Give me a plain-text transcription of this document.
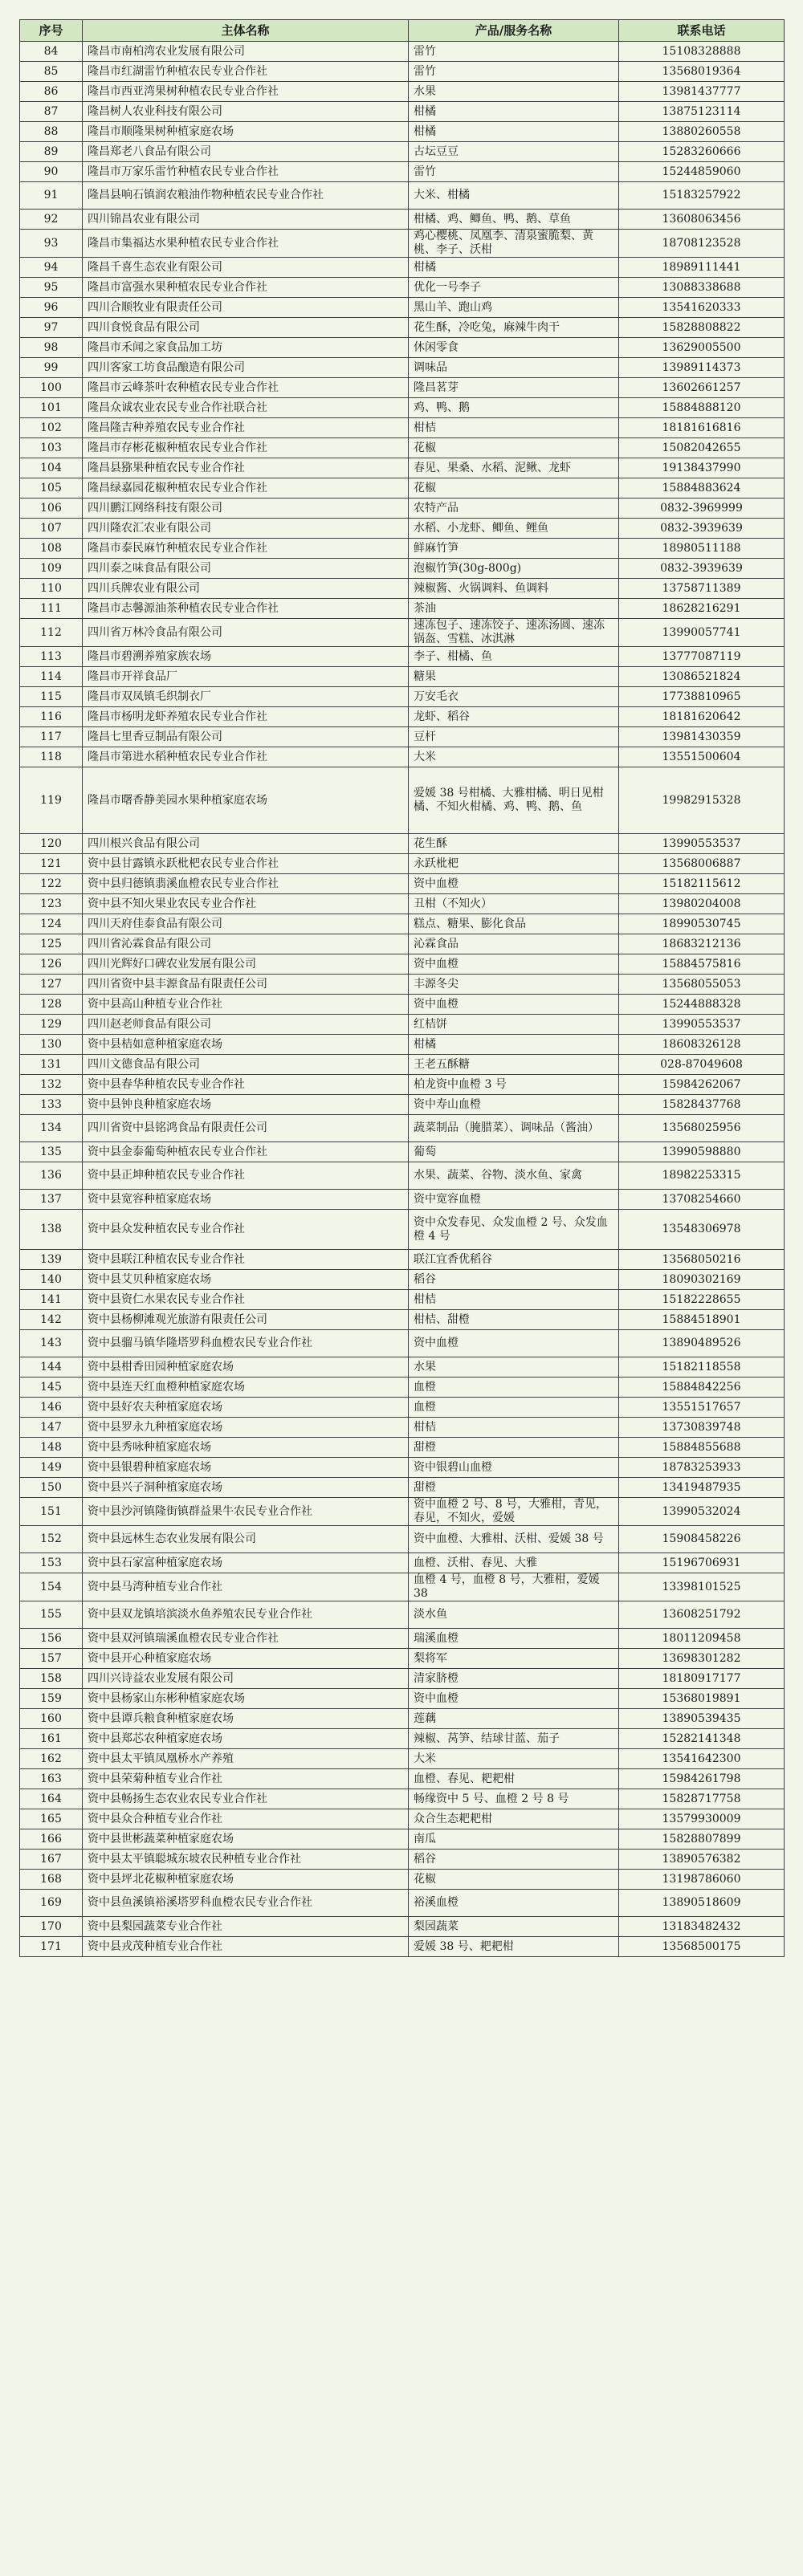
序号	主体名称	产品/服务名称	联系电话
84	隆昌市南柏湾农业发展有限公司	雷竹	15108328888
85	隆昌市红湖雷竹种植农民专业合作社	雷竹	13568019364
86	隆昌市西亚湾果树种植农民专业合作社	水果	13981437777
87	隆昌树人农业科技有限公司	柑橘	13875123114
88	隆昌市顺隆果树种植家庭农场	柑橘	13880260558
89	隆昌郑老八食品有限公司	古坛豆豆	15283260666
90	隆昌市万家乐雷竹种植农民专业合作社	雷竹	15244859060
91	隆昌县响石镇润农粮油作物种植农民专业合作社	大米、柑橘	15183257922
92	四川锦昌农业有限公司	柑橘、鸡、鲫鱼、鸭、鹅、草鱼	13608063456
93	隆昌市集福达水果种植农民专业合作社	鸡心樱桃、凤凰李、清泉蜜脆梨、黄桃、李子、沃柑	18708123528
94	隆昌千喜生态农业有限公司	柑橘	18989111441
95	隆昌市富强水果种植农民专业合作社	优化一号李子	13088338688
96	四川合顺牧业有限责任公司	黑山羊、跑山鸡	13541620333
97	四川食悦食品有限公司	花生酥，冷吃兔，麻辣牛肉干	15828808822
98	隆昌市禾闻之家食品加工坊	休闲零食	13629005500
99	四川客家工坊食品酿造有限公司	调味品	13989114373
100	隆昌市云峰茶叶农种植农民专业合作社	隆昌茗芽	13602661257
101	隆昌众诚农业农民专业合作社联合社	鸡、鸭、鹅	15884888120
102	隆昌隆吉种养殖农民专业合作社	柑桔	18181616816
103	隆昌市存彬花椒种植农民专业合作社	花椒	15082042655
104	隆昌县猕果种植农民专业合作社	春见、果桑、水稻、泥鳅、龙虾	19138437990
105	隆昌绿嘉园花椒种植农民专业合作社	花椒	15884883624
106	四川鹏江网络科技有限公司	农特产品	0832-3969999
107	四川隆农汇农业有限公司	水稻、小龙虾、鲫鱼、鲤鱼	0832-3939639
108	隆昌市泰民麻竹种植农民专业合作社	鲜麻竹笋	18980511188
109	四川泰之味食品有限公司	泡椒竹笋(30g-800g)	0832-3939639
110	四川兵牌农业有限公司	辣椒酱、火锅调料、鱼调料	13758711389
111	隆昌市志馨源油茶种植农民专业合作社	茶油	18628216291
112	四川省万林冷食品有限公司	速冻包子、速冻饺子、速冻汤圆、速冻锅盔、雪糕、冰淇淋	13990057741
113	隆昌市碧溯养殖家族农场	李子、柑橘、鱼	13777087119
114	隆昌市开祥食品厂	糖果	13086521824
115	隆昌市双凤镇毛织制衣厂	万安毛衣	17738810965
116	隆昌市杨明龙虾养殖农民专业合作社	龙虾、稻谷	18181620642
117	隆昌七里香豆制品有限公司	豆杆	13981430359
118	隆昌市第进水稻种植农民专业合作社	大米	13551500604
119	隆昌市曙香静美园水果种植家庭农场	爱媛 38 号柑橘、大雅柑橘、明日见柑橘、不知火柑橘、鸡、鸭、鹅、鱼	19982915328
120	四川根兴食品有限公司	花生酥	13990553537
121	资中县甘露镇永跃枇杷农民专业合作社	永跃枇杷	13568006887
122	资中县归德镇翡溪血橙农民专业合作社	资中血橙	15182115612
123	资中县不知火果业农民专业合作社	丑柑（不知火）	13980204008
124	四川天府佳泰食品有限公司	糕点、糖果、膨化食品	18990530745
125	四川省沁霖食品有限公司	沁霖食品	18683212136
126	四川光辉好口碑农业发展有限公司	资中血橙	15884575816
127	四川省资中县丰源食品有限责任公司	丰源冬尖	13568055053
128	资中县高山种植专业合作社	资中血橙	15244888328
129	四川赵老师食品有限公司	红桔饼	13990553537
130	资中县桔如意种植家庭农场	柑橘	18608326128
131	四川文德食品有限公司	王老五酥糖	028-87049608
132	资中县春华种植农民专业合作社	柏龙资中血橙 3 号	15984262067
133	资中县钟良种植家庭农场	资中寿山血橙	15828437768
134	四川省资中县铭鸿食品有限责任公司	蔬菜制品（腌腊菜）、调味品（酱油）	13568025956
135	资中县金泰葡萄种植农民专业合作社	葡萄	13990598880
136	资中县正坤种植农民专业合作社	水果、蔬菜、谷物、淡水鱼、家禽	18982253315
137	资中县宽容种植家庭农场	资中宽容血橙	13708254660
138	资中县众发种植农民专业合作社	资中众发春见、众发血橙 2 号、众发血橙 4 号	13548306978
139	资中县联江种植农民专业合作社	联江宜香优稻谷	13568050216
140	资中县艾贝种植家庭农场	稻谷	18090302169
141	资中县资仁水果农民专业合作社	柑桔	15182228655
142	资中县杨柳滩观光旅游有限责任公司	柑桔、甜橙	15884518901
143	资中县骝马镇华隆塔罗科血橙农民专业合作社	资中血橙	13890489526
144	资中县柑香田园种植家庭农场	水果	15182118558
145	资中县连天红血橙种植家庭农场	血橙	15884842256
146	资中县好农夫种植家庭农场	血橙	13551517657
147	资中县罗永九种植家庭农场	柑桔	13730839748
148	资中县秀咏种植家庭农场	甜橙	15884855688
149	资中县银碧种植家庭农场	资中银碧山血橙	18783253933
150	资中县兴子洞种植家庭农场	甜橙	13419487935
151	资中县沙河镇隆街镇群益果牛农民专业合作社	资中血橙 2 号、8 号，大雅柑，青见，春见，不知火，爱媛	13990532024
152	资中县远林生态农业发展有限公司	资中血橙、大雅柑、沃柑、爱媛 38 号	15908458226
153	资中县石家富种植家庭农场	血橙、沃柑、春见、大雅	15196706931
154	资中县马湾种植专业合作社	血橙 4 号，血橙 8 号，大雅柑，爱媛 38	13398101525
155	资中县双龙镇培滨淡水鱼养殖农民专业合作社	淡水鱼	13608251792
156	资中县双河镇瑞溪血橙农民专业合作社	瑞溪血橙	18011209458
157	资中县开心种植家庭农场	梨将军	13698301282
158	四川兴诗益农业发展有限公司	清家脐橙	18180917177
159	资中县杨家山东彬种植家庭农场	资中血橙	15368019891
160	资中县谭兵粮食种植家庭农场	莲藕	13890539435
161	资中县郑芯农种植家庭农场	辣椒、莴笋、结球甘蓝、茄子	15282141348
162	资中县太平镇凤凰桥水产养殖	大米	13541642300
163	资中县荣菊种植专业合作社	血橙、春见、耙耙柑	15984261798
164	资中县畅扬生态农业农民专业合作社	畅缘资中 5 号、血橙 2 号 8 号	15828717758
165	资中县众合种植专业合作社	众合生态耙耙柑	13579930009
166	资中县世彬蔬菜种植家庭农场	南瓜	15828807899
167	资中县太平镇聪城东坡农民种植专业合作社	稻谷	13890576382
168	资中县坪北花椒种植家庭农场	花椒	13198786060
169	资中县鱼溪镇裕溪塔罗科血橙农民专业合作社	裕溪血橙	13890518609
170	资中县梨园蔬菜专业合作社	梨园蔬菜	13183482432
171	资中县戎茂种植专业合作社	爱媛 38 号、耙耙柑	13568500175
